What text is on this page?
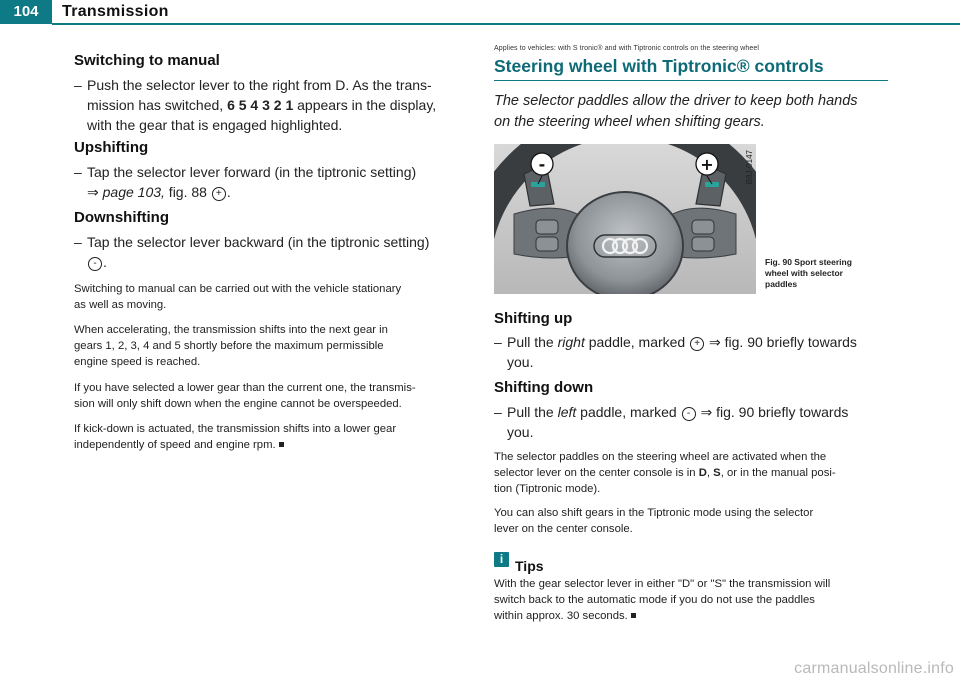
104	Transmission
Switching to manual
– Push the selector lever to the right from D. As the trans-
mission has switched, 6 5 4 3 2 1 appears in the display,
with the gear that is engaged highlighted.
Upshifting
– Tap the selector lever forward (in the tiptronic setting)
⇒ page 103, fig. 88 + .
Downshifting
– Tap the selector lever backward (in the tiptronic setting)
- .
Switching to manual can be carried out with the vehicle stationary
as well as moving.
When accelerating, the transmission shifts into the next gear in
gears 1, 2, 3, 4 and 5 shortly before the maximum permissible
engine speed is reached.
If you have selected a lower gear than the current one, the transmis-
sion will only shift down when the engine cannot be overspeeded.
If kick-down is actuated, the transmission shifts into a lower gear
independently of speed and engine rpm.
Applies to vehicles: with S tronic® and with Tiptronic controls on the steering wheel
Steering wheel with Tiptronic® controls
The selector paddles allow the driver to keep both hands
on the steering wheel when shifting gears.
-	+	B8J-0147
Fig. 90 Sport steering
wheel with selector
paddles
Shifting up
– Pull the right paddle, marked + ⇒ fig. 90 briefly towards
you.
Shifting down
– Pull the left paddle, marked - ⇒ fig. 90 briefly towards
you.
The selector paddles on the steering wheel are activated when the
selector lever on the center console is in D, S, or in the manual posi-
tion (Tiptronic mode).
You can also shift gears in the Tiptronic mode using the selector
lever on the center console.
i Tips
With the gear selector lever in either "D" or "S" the transmission will
switch back to the automatic mode if you do not use the paddles
within approx. 30 seconds.
carmanualsonline.info
